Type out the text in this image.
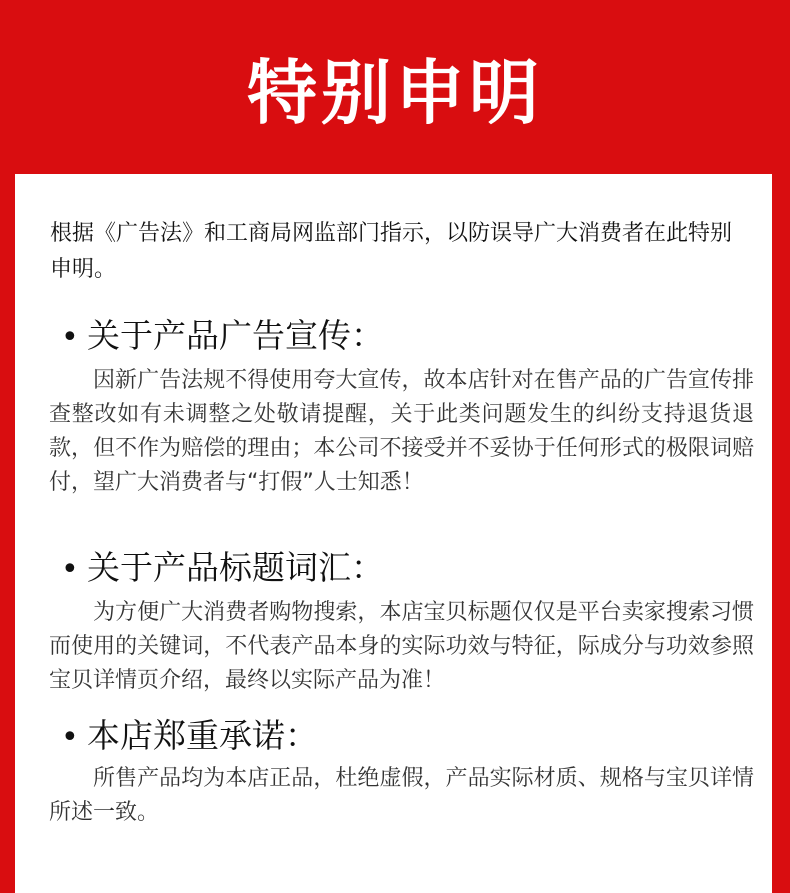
特别申明
根据《广告法》和工商局网监部门指示，以防误导广大消费者在此特别申明。
• 关于产品广告宣传：
因新广告法规不得使用夸大宣传，故本店针对在售产品的广告宣传排查整改如有未调整之处敬请提醒，关于此类问题发生的纠纷支持退货退款，但不作为赔偿的理由；本公司不接受并不妥协于任何形式的极限词赔付，望广大消费者与“打假”人士知悉！
• 关于产品标题词汇：
为方便广大消费者购物搜索，本店宝贝标题仅仅是平台卖家搜索习惯而使用的关键词，不代表产品本身的实际功效与特征，际成分与功效参照宝贝详情页介绍，最终以实际产品为准！
• 本店郑重承诺：
所售产品均为本店正品，杜绝虚假，产品实际材质、规格与宝贝详情所述一致。
